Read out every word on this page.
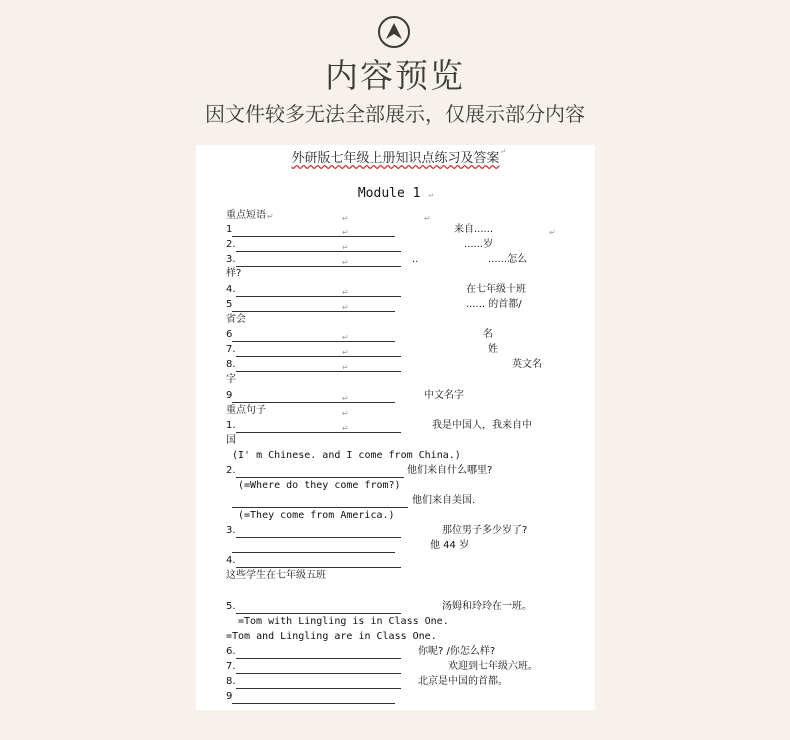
内容预览
因文件较多无法全部展示，仅展示部分内容
外研版七年级上册知识点练习及答案 ↵
Module 1 ↵
重点短语 ↵	↵	↵
1	↵	来自......	↵
2.	↵	......岁
3.	↵	..	......怎么
样?
4.	↵	在七年级十班
5	↵	...... 的首都/
省会
6	↵	名
7.	↵	姓
8.	↵	英文名
字
9	↵	中文名字
重点句子	↵
1.	↵	我是中国人，我来自中
国
(I' m Chinese. and I come from China.)
2.	他们来自什么哪里?
(=Where do they come from?)
他们来自美国.
(=They come from America.)
3.	那位男子多少岁了?
他 44 岁
4.
这些学生在七年级五班
5.	汤姆和玲玲在一班。
=Tom with Lingling is in Class One.
=Tom and Lingling are in Class One.
6.	你呢? /你怎么样?
7.	欢迎到七年级六班。
8.	北京是中国的首都。
9
